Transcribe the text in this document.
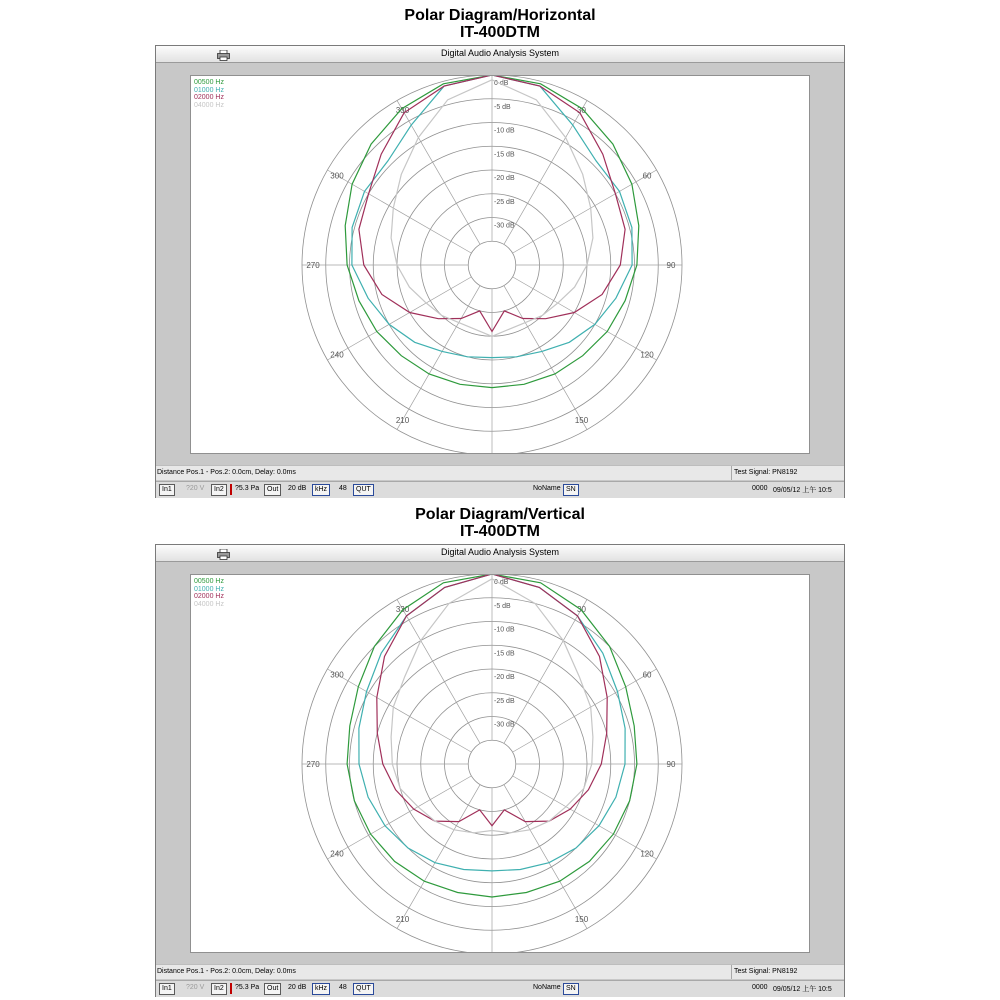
Polar Diagram/Horizontal
IT-400DTM
Digital Audio Analysis System
30
60
90
120
150
210
240
270
300
330
0 dB
-5 dB
-10 dB
-15 dB
-20 dB
-25 dB
-30 dB
00500 Hz
01000 Hz
02000 Hz
04000 Hz
Distance Pos.1 - Pos.2: 0.0cm, Delay: 0.0ms	Test Signal: PN8192
In1	?20 V	In2	?5.3 Pa	Out	20 dB	kHz	48	QUT	NoName SN	0000 09/05/12 上午 10:5
Polar Diagram/Vertical
IT-400DTM
Digital Audio Analysis System
30
60
90
120
150
210
240
270
300
330
0 dB
-5 dB
-10 dB
-15 dB
-20 dB
-25 dB
-30 dB
00500 Hz
01000 Hz
02000 Hz
04000 Hz
Distance Pos.1 - Pos.2: 0.0cm, Delay: 0.0ms	Test Signal: PN8192
In1	?20 V	In2	?5.3 Pa	Out	20 dB	kHz	48	QUT	NoName SN	0000 09/05/12 上午 10:5
